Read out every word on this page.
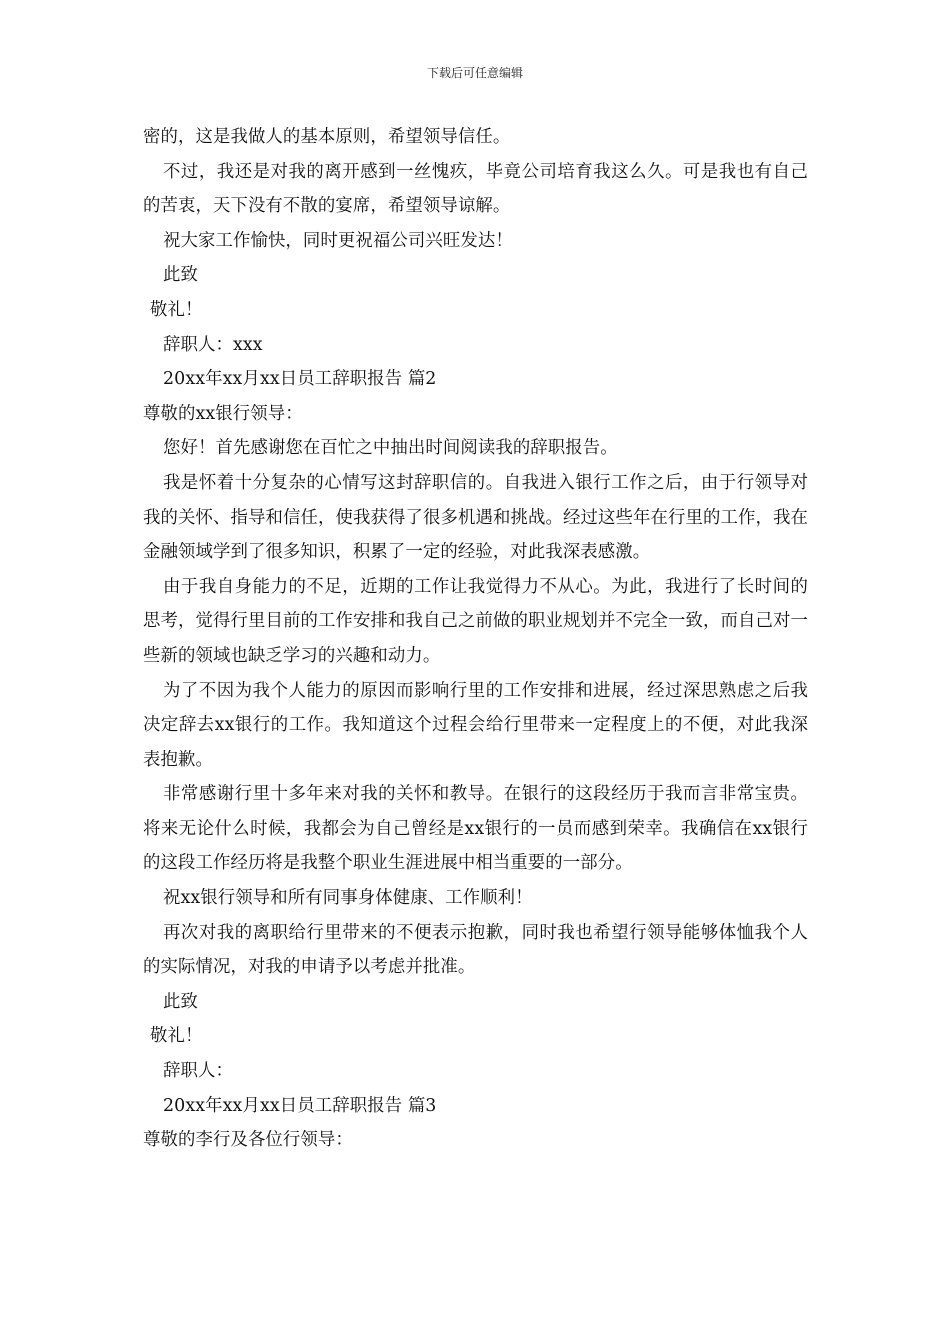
下载后可任意编辑
密的，这是我做人的基本原则，希望领导信任。
不过，我还是对我的离开感到一丝愧疚，毕竟公司培育我这么久。可是我也有自己的苦衷，天下没有不散的宴席，希望领导谅解。
祝大家工作愉快，同时更祝福公司兴旺发达！
此致
敬礼！
辞职人：xxx
20xx年xx月xx日员工辞职报告 篇2
尊敬的xx银行领导：
您好！首先感谢您在百忙之中抽出时间阅读我的辞职报告。
我是怀着十分复杂的心情写这封辞职信的。自我进入银行工作之后，由于行领导对我的关怀、指导和信任，使我获得了很多机遇和挑战。经过这些年在行里的工作，我在金融领域学到了很多知识，积累了一定的经验，对此我深表感激。
由于我自身能力的不足，近期的工作让我觉得力不从心。为此，我进行了长时间的思考，觉得行里目前的工作安排和我自己之前做的职业规划并不完全一致，而自己对一些新的领域也缺乏学习的兴趣和动力。
为了不因为我个人能力的原因而影响行里的工作安排和进展，经过深思熟虑之后我决定辞去xx银行的工作。我知道这个过程会给行里带来一定程度上的不便，对此我深表抱歉。
非常感谢行里十多年来对我的关怀和教导。在银行的这段经历于我而言非常宝贵。将来无论什么时候，我都会为自己曾经是xx银行的一员而感到荣幸。我确信在xx银行的这段工作经历将是我整个职业生涯进展中相当重要的一部分。
祝xx银行领导和所有同事身体健康、工作顺利！
再次对我的离职给行里带来的不便表示抱歉，同时我也希望行领导能够体恤我个人的实际情况，对我的申请予以考虑并批准。
此致
敬礼！
辞职人：
20xx年xx月xx日员工辞职报告 篇3
尊敬的李行及各位行领导：
